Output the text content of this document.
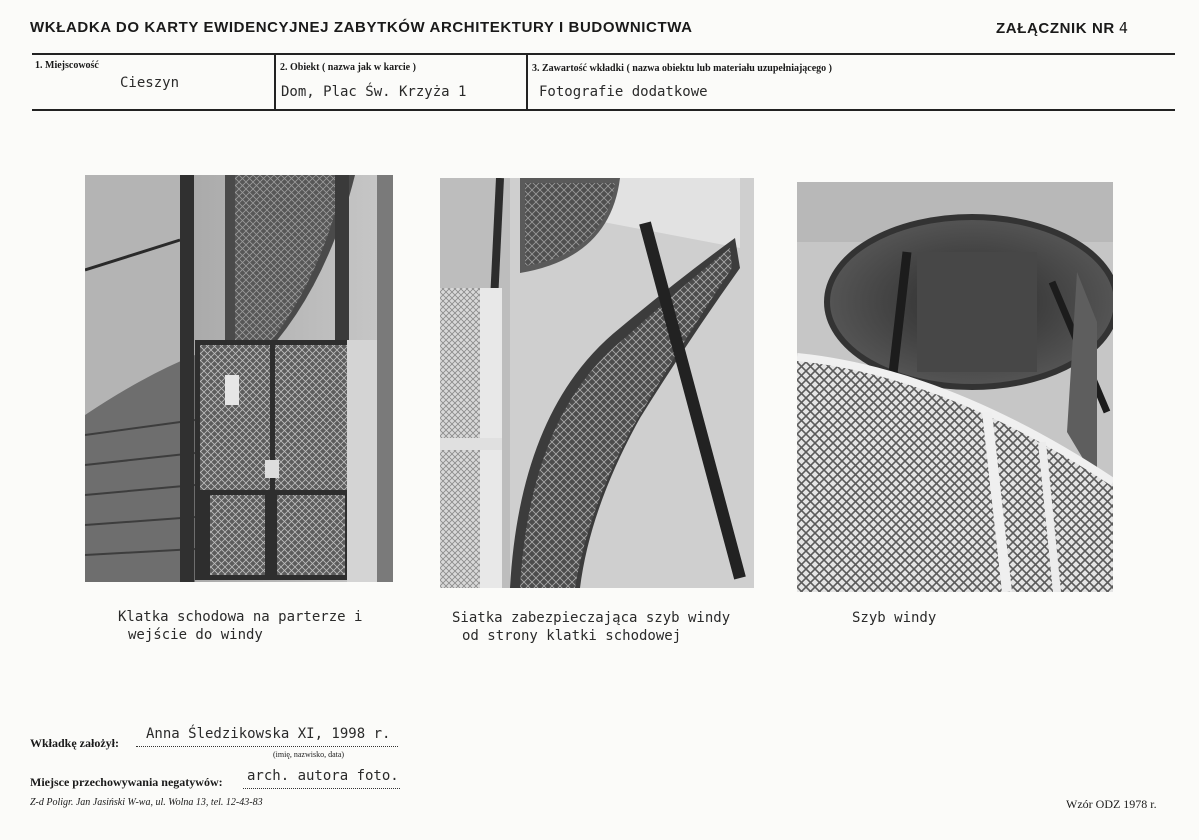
WKŁADKA DO KARTY EWIDENCYJNEJ ZABYTKÓW ARCHITEKTURY I BUDOWNICTWA	ZAŁĄCZNIK NR 4
1. Miejscowość
Cieszyn
2. Obiekt ( nazwa jak w karcie )
Dom, Plac Św. Krzyża 1
3. Zawartość wkładki ( nazwa obiektu lub materiału uzupełniającego )
Fotografie dodatkowe
Klatka schodowa na parterze i
wejście do windy
Siatka zabezpieczająca szyb windy
od strony klatki schodowej
Szyb windy
Wkładkę założył:
Anna Śledzikowska XI, 1998 r.
(imię, nazwisko, data)
Miejsce przechowywania negatywów: arch. autora foto.
Z-d Poligr. Jan Jasiński W-wa, ul. Wolna 13, tel. 12-43-83	Wzór ODZ 1978 r.
